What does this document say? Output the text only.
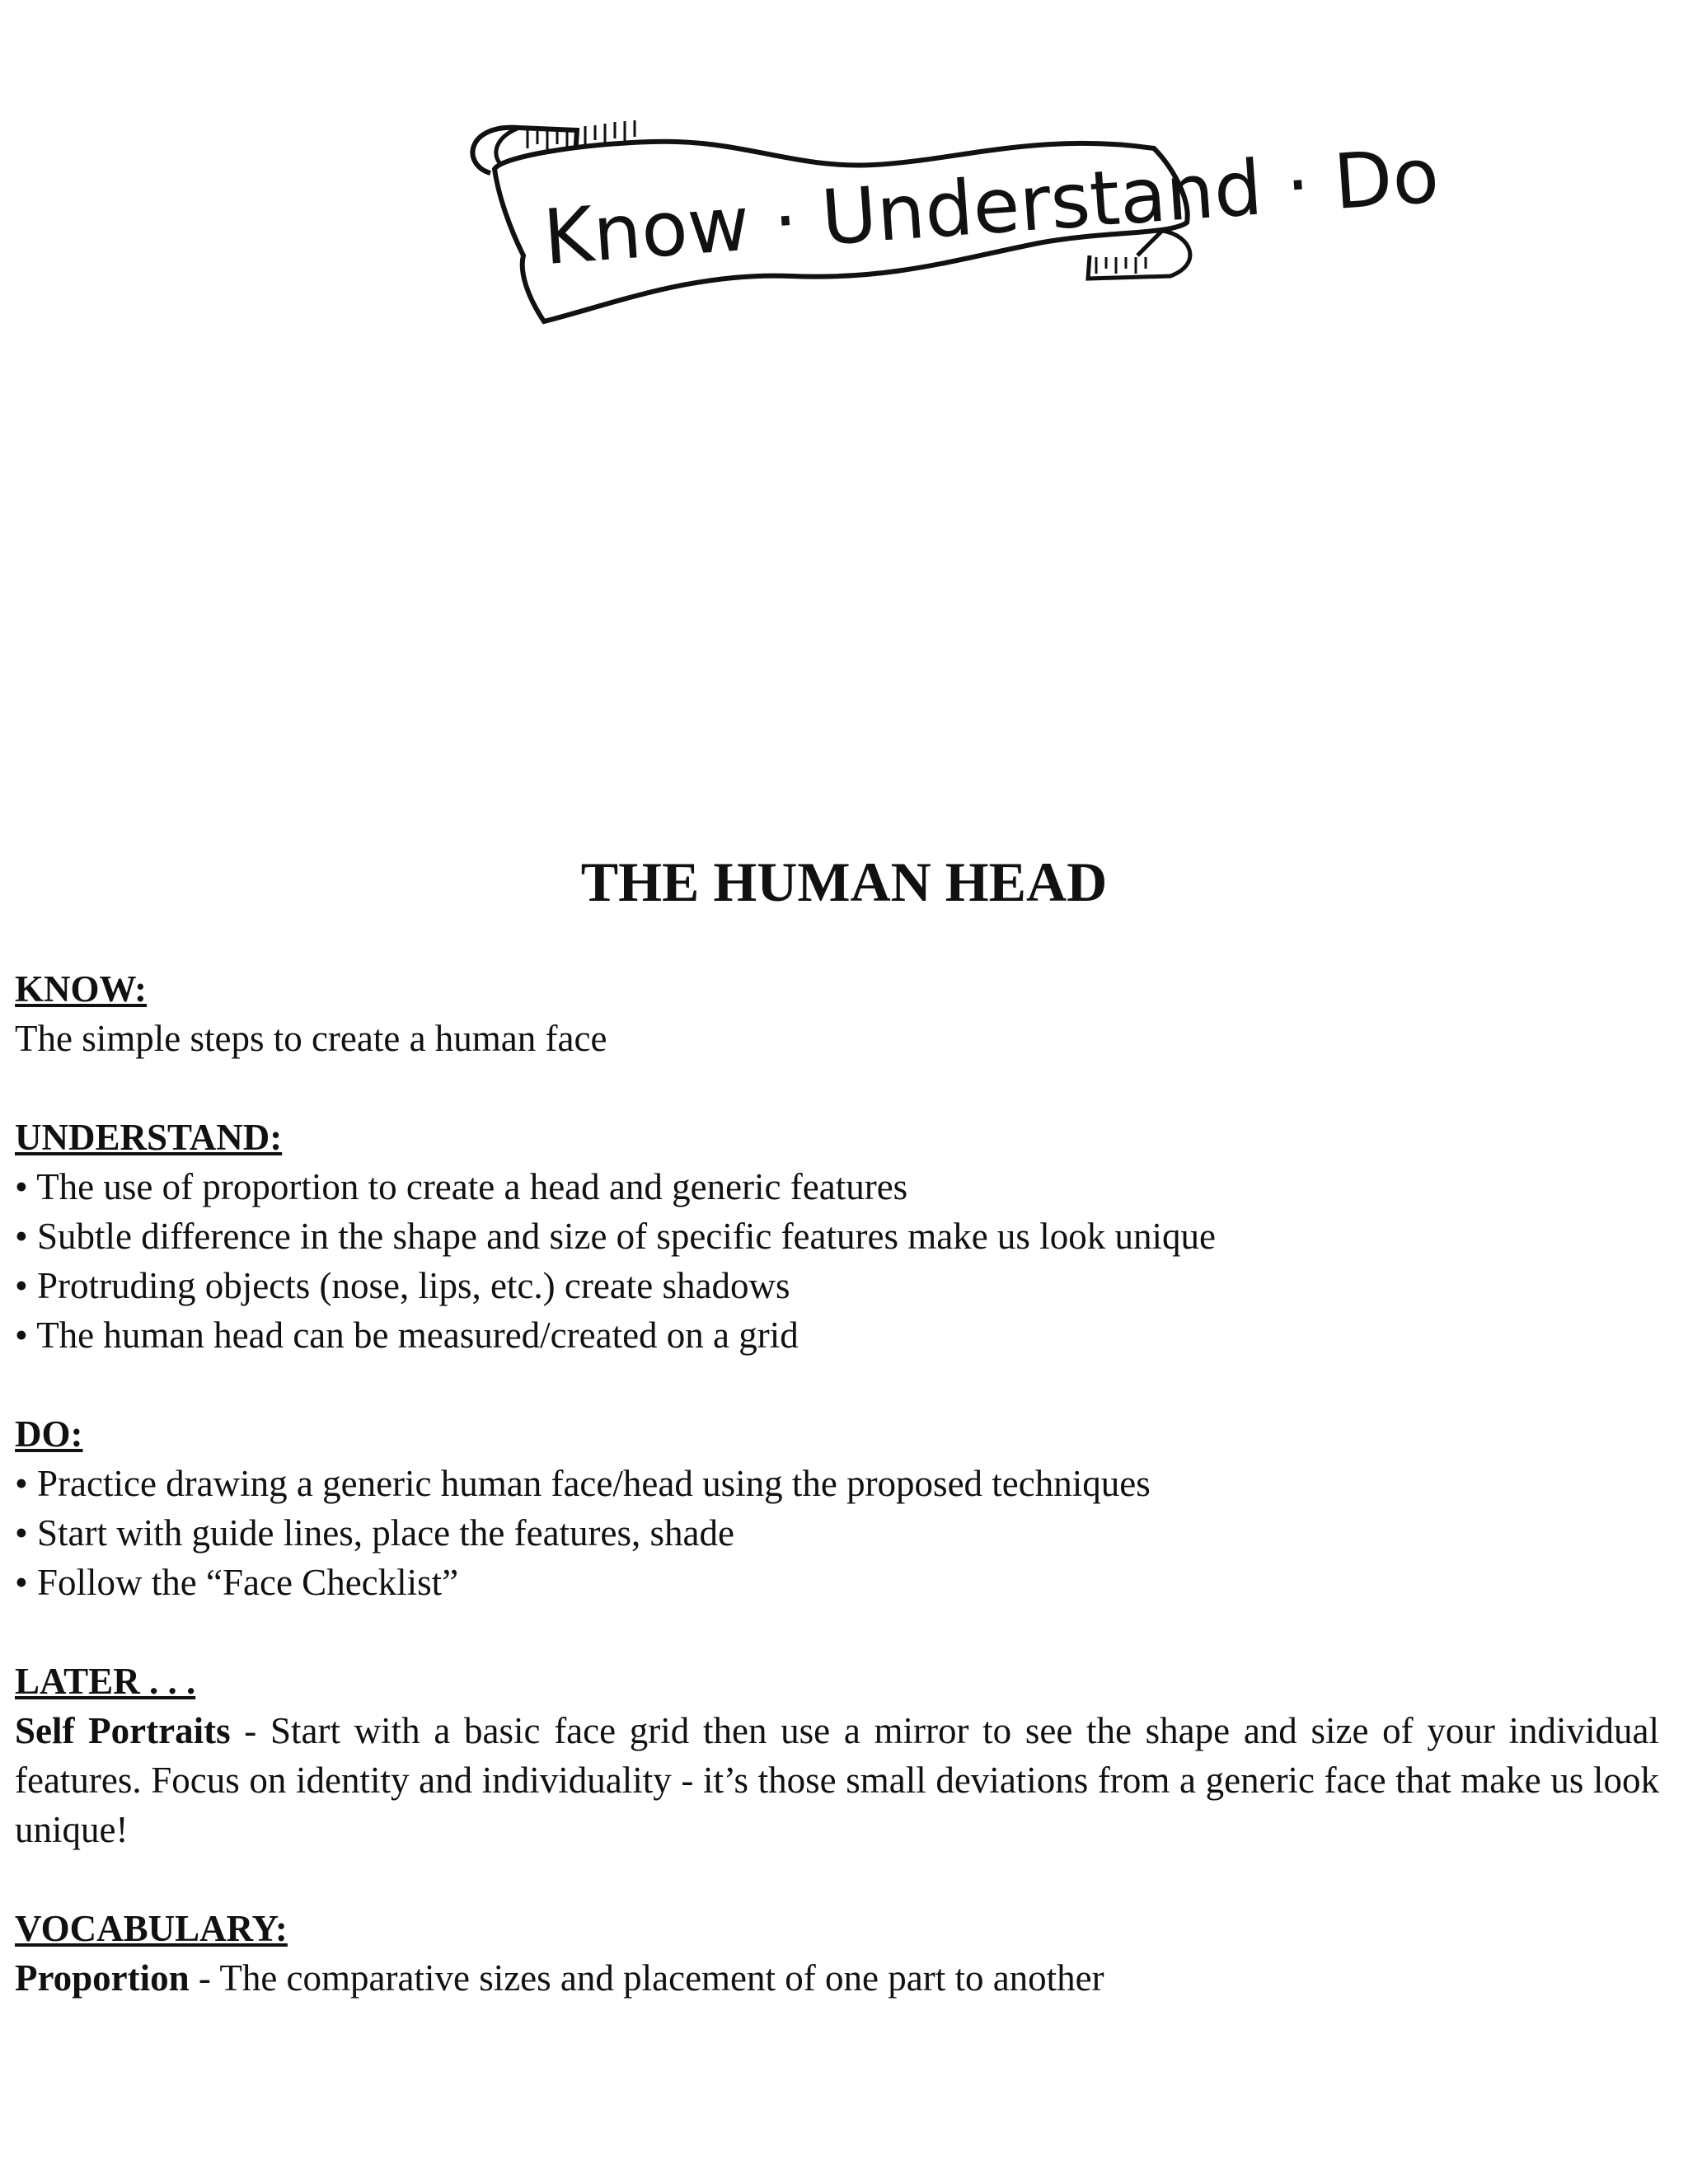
Know · Understand · Do
THE HUMAN HEAD
KNOW:
The simple steps to create a human face
UNDERSTAND:
• The use of proportion to create a head and generic features
• Subtle difference in the shape and size of specific features make us look unique
• Protruding objects (nose, lips, etc.) create shadows
• The human head can be measured/created on a grid
DO:
• Practice drawing a generic human face/head using the proposed techniques
• Start with guide lines, place the features, shade
• Follow the “Face Checklist”
LATER . . .
Self Portraits - Start with a basic face grid then use a mirror to see the shape and size of your individual features. Focus on identity and individuality - it’s those small deviations from a generic face that make us look unique!
VOCABULARY:
Proportion - The comparative sizes and placement of one part to another
